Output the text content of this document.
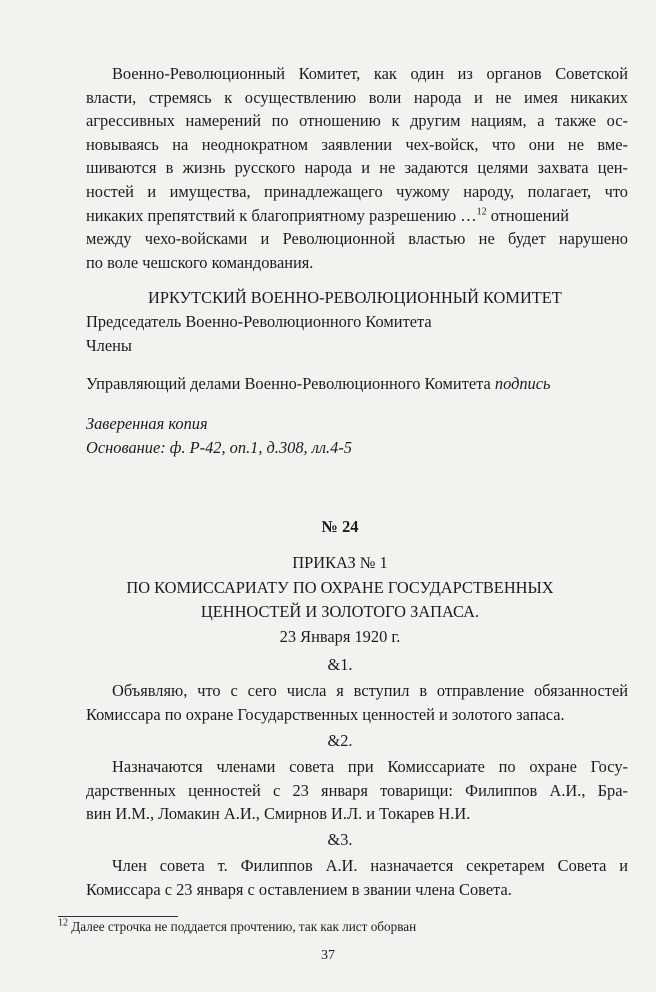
Военно-Революционный Комитет, как один из органов Советской
власти, стремясь к осуществлению воли народа и не имея никаких
агрессивных намерений по отношению к другим нациям, а также ос-
новываясь на неоднократном заявлении чех-войск, что они не вме-
шиваются в жизнь русского народа и не задаются целями захвата цен-
ностей и имущества, принадлежащего чужому народу, полагает, что
никаких препятствий к благоприятному разрешению …$^{12}$ отношений
между чехо-войсками и Революционной властью не будет нарушено
по воле чешского командования.
ИРКУТСКИЙ ВОЕННО-РЕВОЛЮЦИОННЫЙ КОМИТЕТ
Председатель Военно-Революционного Комитета
Члены
Управляющий делами Военно-Революционного Комитета подпись
Заверенная копия
Основание: ф. Р-42, оп.1, д.308, лл.4-5
№ 24
ПРИКАЗ № 1
ПО КОМИССАРИАТУ ПО ОХРАНЕ ГОСУДАРСТВЕННЫХ
ЦЕННОСТЕЙ И ЗОЛОТОГО ЗАПАСА.
23 Января 1920 г.
&1.
Объявляю, что с сего числа я вступил в отправление обязанностей
Комиссара по охране Государственных ценностей и золотого запаса.
&2.
Назначаются членами совета при Комиссариате по охране Госу-
дарственных ценностей с 23 января товарищи: Филиппов А.И., Бра-
вин И.М., Ломакин А.И., Смирнов И.Л. и Токарев Н.И.
&3.
Член совета т. Филиппов А.И. назначается секретарем Совета и
Комиссара с 23 января с оставлением в звании члена Совета.
$^{12}$ Далее строчка не поддается прочтению, так как лист оборван
37
